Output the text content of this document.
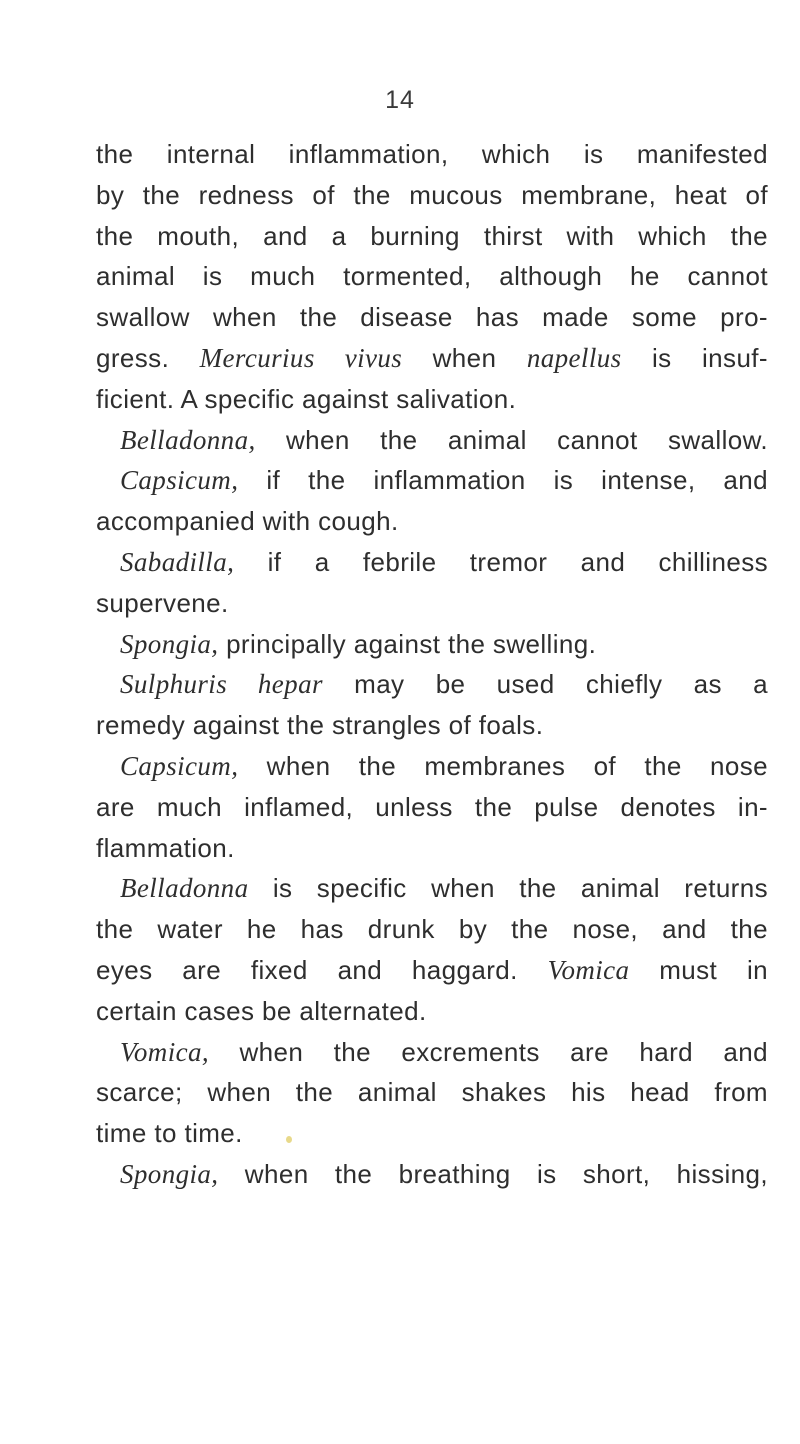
14
the internal inflammation, which is manifested
by the redness of the mucous membrane, heat of
the mouth, and a burning thirst with which the
animal is much tormented, although he cannot
swallow when the disease has made some pro-
gress. Mercurius vivus when napellus is insuf-
ficient. A specific against salivation.
Belladonna, when the animal cannot swallow.
Capsicum, if the inflammation is intense, and
accompanied with cough.
Sabadilla, if a febrile tremor and chilliness
supervene.
Spongia, principally against the swelling.
Sulphuris hepar may be used chiefly as a
remedy against the strangles of foals.
Capsicum, when the membranes of the nose
are much inflamed, unless the pulse denotes in-
flammation.
Belladonna is specific when the animal returns
the water he has drunk by the nose, and the
eyes are fixed and haggard. Vomica must in
certain cases be alternated.
Vomica, when the excrements are hard and
scarce; when the animal shakes his head from
time to time.
Spongia, when the breathing is short, hissing,
